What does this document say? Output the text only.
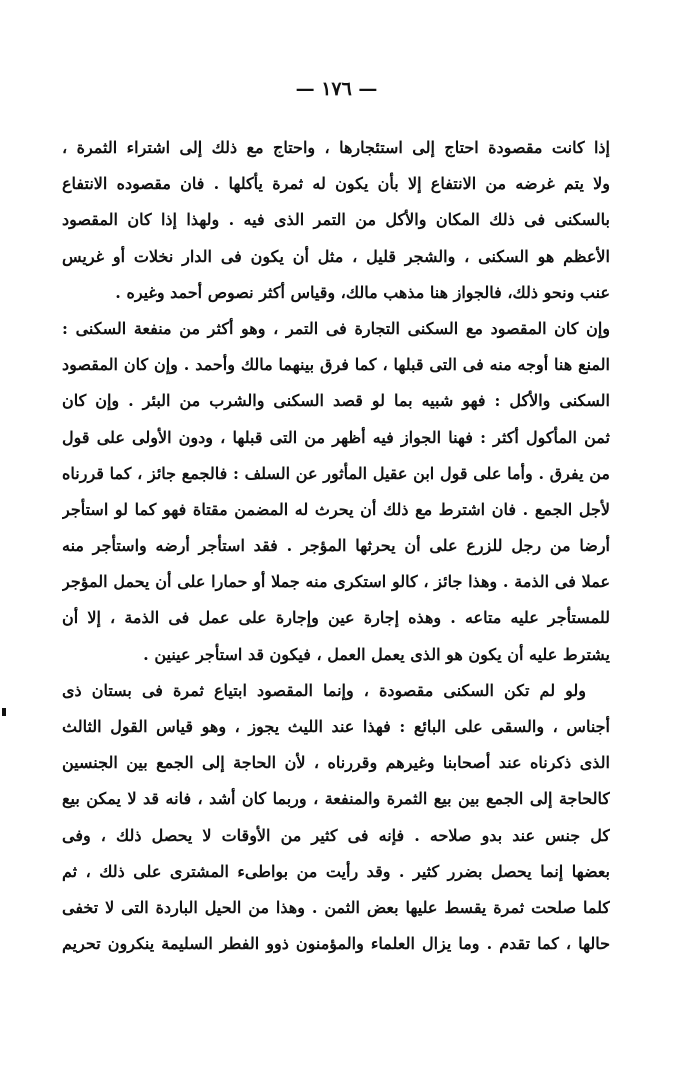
— ١٧٦ —
إذا كانت مقصودة احتاج إلى استئجارها ، واحتاج مع ذلك إلى اشتراء الثمرة ،
ولا يتم غرضه من الانتفاع إلا بأن يكون له ثمرة يأكلها . فان مقصوده الانتفاع
بالسكنى فى ذلك المكان والأكل من التمر الذى فيه . ولهذا إذا كان المقصود
الأعظم هو السكنى ، والشجر قليل ، مثل أن يكون فى الدار نخلات أو غريس
عنب ونحو ذلك، فالجواز هنا مذهب مالك، وقياس أكثر نصوص أحمد وغيره .
وإن كان المقصود مع السكنى التجارة فى التمر ، وهو أكثر من منفعة السكنى :
المنع هنا أوجه منه فى التى قبلها ، كما فرق بينهما مالك وأحمد . وإن كان المقصود
السكنى والأكل : فهو شبيه بما لو قصد السكنى والشرب من البئر . وإن كان
ثمن المأكول أكثر : فهنا الجواز فيه أظهر من التى قبلها ، ودون الأولى على قول
من يفرق . وأما على قول ابن عقيل المأثور عن السلف : فالجمع جائز ، كما قررناه
لأجل الجمع . فان اشترط مع ذلك أن يحرث له المضمن مقتاة فهو كما لو استأجر
أرضا من رجل للزرع على أن يحرثها المؤجر . فقد استأجر أرضه واستأجر منه
عملا فى الذمة . وهذا جائز ، كالو استكرى منه جملا أو حمارا على أن يحمل المؤجر
للمستأجر عليه متاعه . وهذه إجارة عين وإجارة على عمل فى الذمة ، إلا أن
يشترط عليه أن يكون هو الذى يعمل العمل ، فيكون قد استأجر عينين .
ولو لم تكن السكنى مقصودة ، وإنما المقصود ابتياع ثمرة فى بستان ذى
أجناس ، والسقى على البائع : فهذا عند الليث يجوز ، وهو قياس القول الثالث
الذى ذكرناه عند أصحابنا وغيرهم وقررناه ، لأن الحاجة إلى الجمع بين الجنسين
كالحاجة إلى الجمع بين بيع الثمرة والمنفعة ، وربما كان أشد ، فانه قد لا يمكن بيع
كل جنس عند بدو صلاحه . فإنه فى كثير من الأوقات لا يحصل ذلك ، وفى
بعضها إنما يحصل بضرر كثير . وقد رأيت من بواطىء المشترى على ذلك ، ثم
كلما صلحت ثمرة يقسط عليها بعض الثمن . وهذا من الحيل الباردة التى لا تخفى
حالها ، كما تقدم . وما يزال العلماء والمؤمنون ذوو الفطر السليمة ينكرون تحريم
